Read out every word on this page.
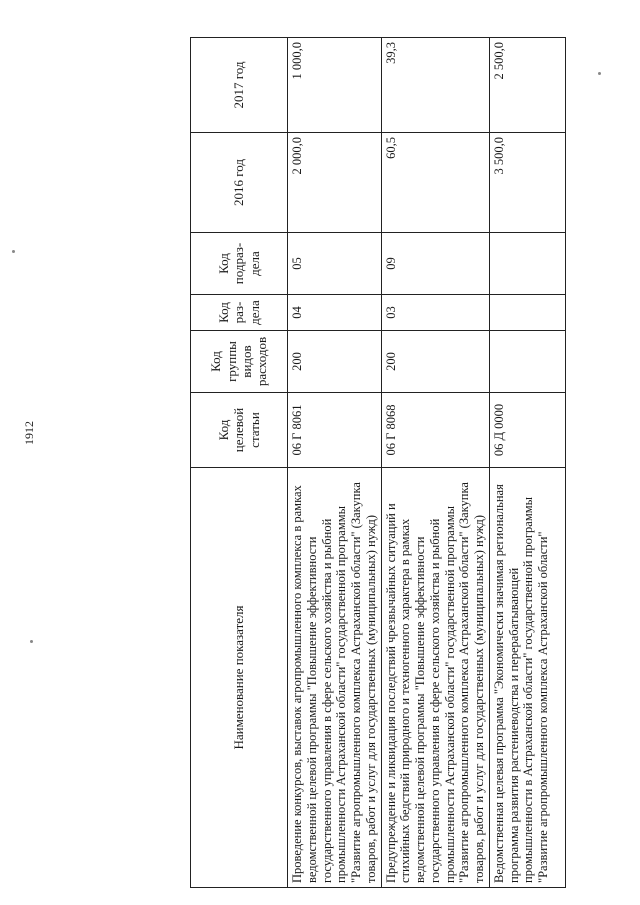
1912
Наименование показателя	Код целевой статьи	Код группы видов расходов	Код раз-дела	Код подраз-дела	2016 год	2017 год
Проведение конкурсов, выставок агропромышленного комплекса в рамках ведомственной целевой программы "Повышение эффективности государственного управления в сфере сельского хозяйства и рыбной промышленности Астраханской области" государственной программы "Развитие агропромышленного комплекса Астраханской области" (Закупка товаров, работ и услуг для государственных (муниципальных) нужд)	06 Г 8061	200	04	05	2 000,0	1 000,0
Предупреждение и ликвидация последствий чрезвычайных ситуаций и стихийных бедствий природного и техногенного характера в рамках ведомственной целевой программы "Повышение эффективности государственного управления в сфере сельского хозяйства и рыбной промышленности Астраханской области" государственной программы "Развитие агропромышленного комплекса Астраханской области" (Закупка товаров, работ и услуг для государственных (муниципальных) нужд)	06 Г 8068	200	03	09	60,5	39,3
Ведомственная целевая программа "Экономически значимая региональная программа развития растениеводства и перерабатывающей промышленности в Астраханской области" государственной программы "Развитие агропромышленного комплекса Астраханской области"	06 Д 0000				3 500,0	2 500,0
